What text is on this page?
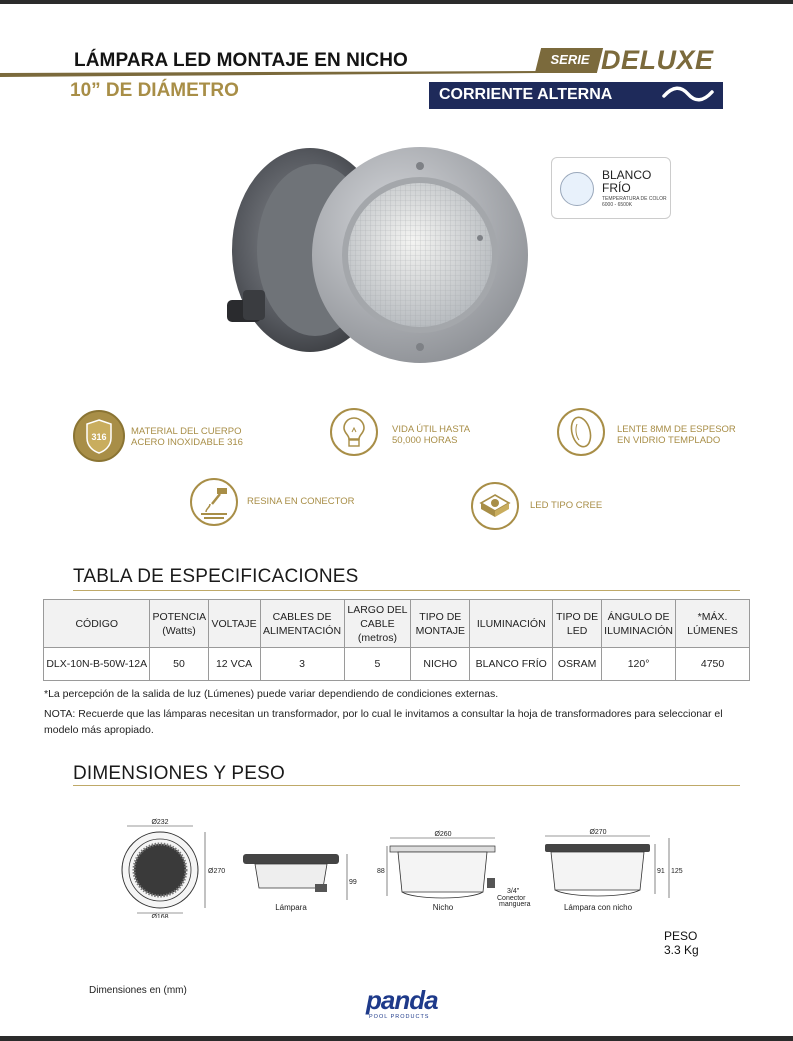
LÁMPARA LED MONTAJE EN NICHO
10” DE DIÁMETRO
SERIE DELUXE
CORRIENTE ALTERNA
BLANCO
FRÍO
TEMPERATURA DE COLOR
6000 - 6500K
316	MATERIAL DEL CUERPO
ACERO INOXIDABLE 316
VIDA ÚTIL HASTA
50,000 HORAS
LENTE 8MM DE ESPESOR
EN VIDRIO TEMPLADO
RESINA EN CONECTOR	LED TIPO CREE
TABLA DE ESPECIFICACIONES
CÓDIGO	POTENCIA (Watts)	VOLTAJE	CABLES DE ALIMENTACIÓN	LARGO DEL CABLE (metros)	TIPO DE MONTAJE	ILUMINACIÓN	TIPO DE LED	ÁNGULO DE ILUMINACIÓN	*MÁX. LÚMENES
DLX-10N-B-50W-12A	50	12 VCA	3	5	NICHO	BLANCO FRÍO	OSRAM	120°	4750
*La percepción de la salida de luz (Lúmenes) puede variar dependiendo de condiciones externas.
NOTA: Recuerde que las lámparas necesitan un transformador, por lo cual le invitamos a consultar la hoja de transformadores para seleccionar el
modelo más apropiado.
DIMENSIONES Y PESO
Ø232
Ø270
Ø168
99
Lámpara
Ø260
88
3/4"
Conector
manguera
Nicho
Ø270
91 125
Lámpara con nicho
PESO
3.3 Kg
Dimensiones en (mm)	panda
POOL PRODUCTS
